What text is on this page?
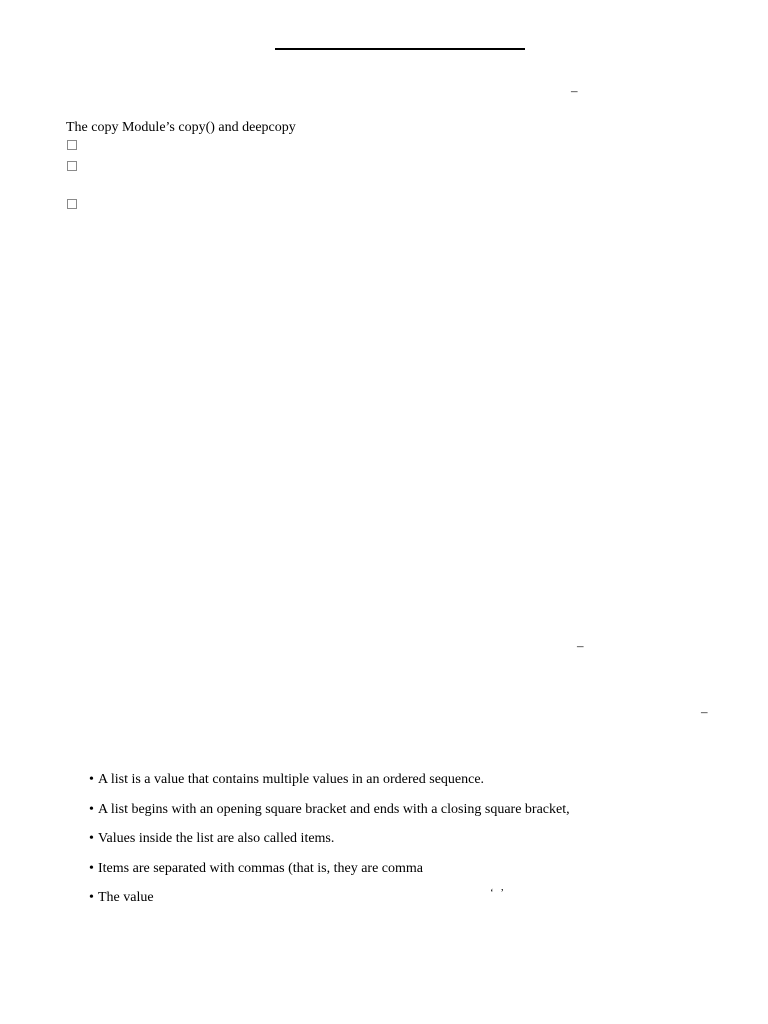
–
The copy Module’s copy() and deepcopy
–
–
• A list is a value that contains multiple values in an ordered sequence.
• A list begins with an opening square bracket and ends with a closing square bracket,
• Values inside the list are also called items.
• Items are separated with commas (that is, they are comma
• The value	‘ ’
